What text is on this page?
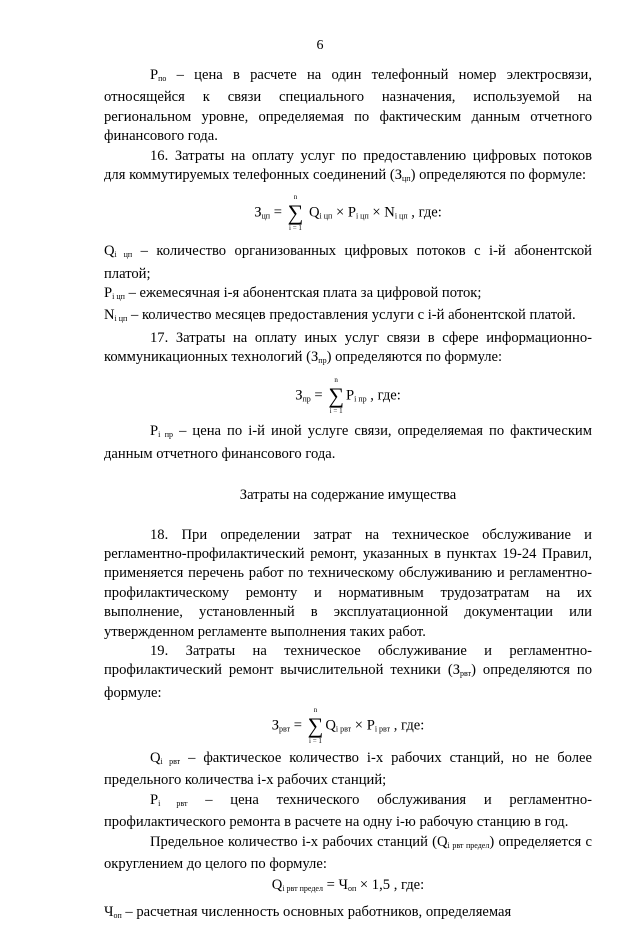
6

Pпо – цена в расчете на один телефонный номер электросвязи, относящейся к связи специального назначения, используемой на региональном уровне, определяемая по фактическим данным отчетного финансового года.

16. Затраты на оплату услуг по предоставлению цифровых потоков для коммутируемых телефонных соединений (Зцп) определяются по формуле:

Зцп = ∑
n
i = 1
Qi цп × Pi цп × Ni цп , где:

Qi цп – количество организованных цифровых потоков с i-й абонентской платой;

Pi цп – ежемесячная i-я абонентская плата за цифровой поток;

Ni цп – количество месяцев предоставления услуги с i-й абонентской платой.

17. Затраты на оплату иных услуг связи в сфере информационно-коммуникационных технологий (Зпр) определяются по формуле:

Зпр = ∑
n
i = 1
Pi пр , где:

Pi пр – цена по i-й иной услуге связи, определяемая по фактическим данным отчетного финансового года.

Затраты на содержание имущества

18. При определении затрат на техническое обслуживание и регламентно-профилактический ремонт, указанных в пунктах 19-24 Правил, применяется перечень работ по техническому обслуживанию и регламентно-профилактическому ремонту и нормативным трудозатратам на их выполнение, установленный в эксплуатационной документации или утвержденном регламенте выполнения таких работ.

19. Затраты на техническое обслуживание и регламентно-профилактический ремонт вычислительной техники (Зрвт) определяются по формуле:

Зрвт = ∑
n
i = 1
Qi рвт × Pi рвт , где:

Qi рвт – фактическое количество i-х рабочих станций, но не более предельного количества i-х рабочих станций;

Pi рвт – цена технического обслуживания и регламентно-профилактического ремонта в расчете на одну i-ю рабочую станцию в год.

Предельное количество i-х рабочих станций (Qi рвт предел) определяется с округлением до целого по формуле:

Qi рвт предел = Чоп × 1,5 , где:

Чоп – расчетная численность основных работников, определяемая
